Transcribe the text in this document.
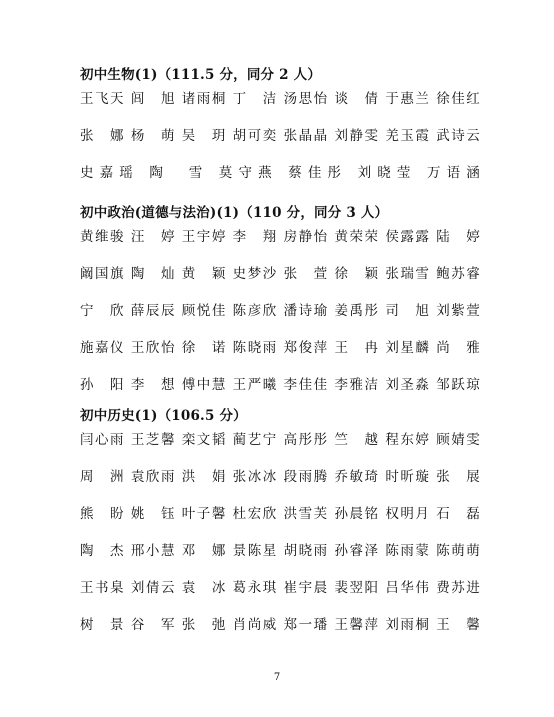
初中生物(1)（111.5 分，同分 2 人）
王飞天 闾　旭 诸雨桐 丁　洁 汤思怡 谈　倩 于惠兰 徐佳红
张　娜 杨　萌 吴　玥 胡可奕 张晶晶 刘静雯 羌玉霞 武诗云
史嘉瑶 陶　雪 莫守燕 蔡佳彤 刘晓莹 万语涵
初中政治(道德与法治)(1)（110 分，同分 3 人）
黄维骏 汪　婷 王宇婷 李　翔 房静怡 黄荣荣 侯露露 陆　婷
阚国旗 陶　灿 黄　颖 史梦沙 张　萱 徐　颖 张瑞雪 鲍苏睿
宁　欣 薛辰辰 顾悦佳 陈彦欣 潘诗瑜 姜禹彤 司　旭 刘紫萱
施嘉仪 王欣怡 徐　诺 陈晓雨 郑俊萍 王　冉 刘星麟 尚　雅
孙　阳 李　想 傅中慧 王严曦 李佳佳 李雅洁 刘圣淼 邹跃琼
初中历史(1)（106.5 分）
闫心雨 王芝馨 栾文韬 蔺艺宁 高彤彤 竺　越 程东婷 顾婧雯
周　洲 袁欣雨 洪　娟 张冰冰 段雨腾 乔敏琦 时昕璇 张　展
熊　盼 姚　钰 叶子馨 杜宏欣 洪雪芙 孙晨铭 权明月 石　磊
陶　杰 邢小慧 邓　娜 景陈星 胡晓雨 孙睿泽 陈雨蒙 陈萌萌
王书臬 刘倩云 袁　冰 葛永琪 崔宇晨 裴翌阳 吕华伟 费苏进
树　景 谷　军 张　弛 肖尚威 郑一璠 王馨萍 刘雨桐 王　馨
7
